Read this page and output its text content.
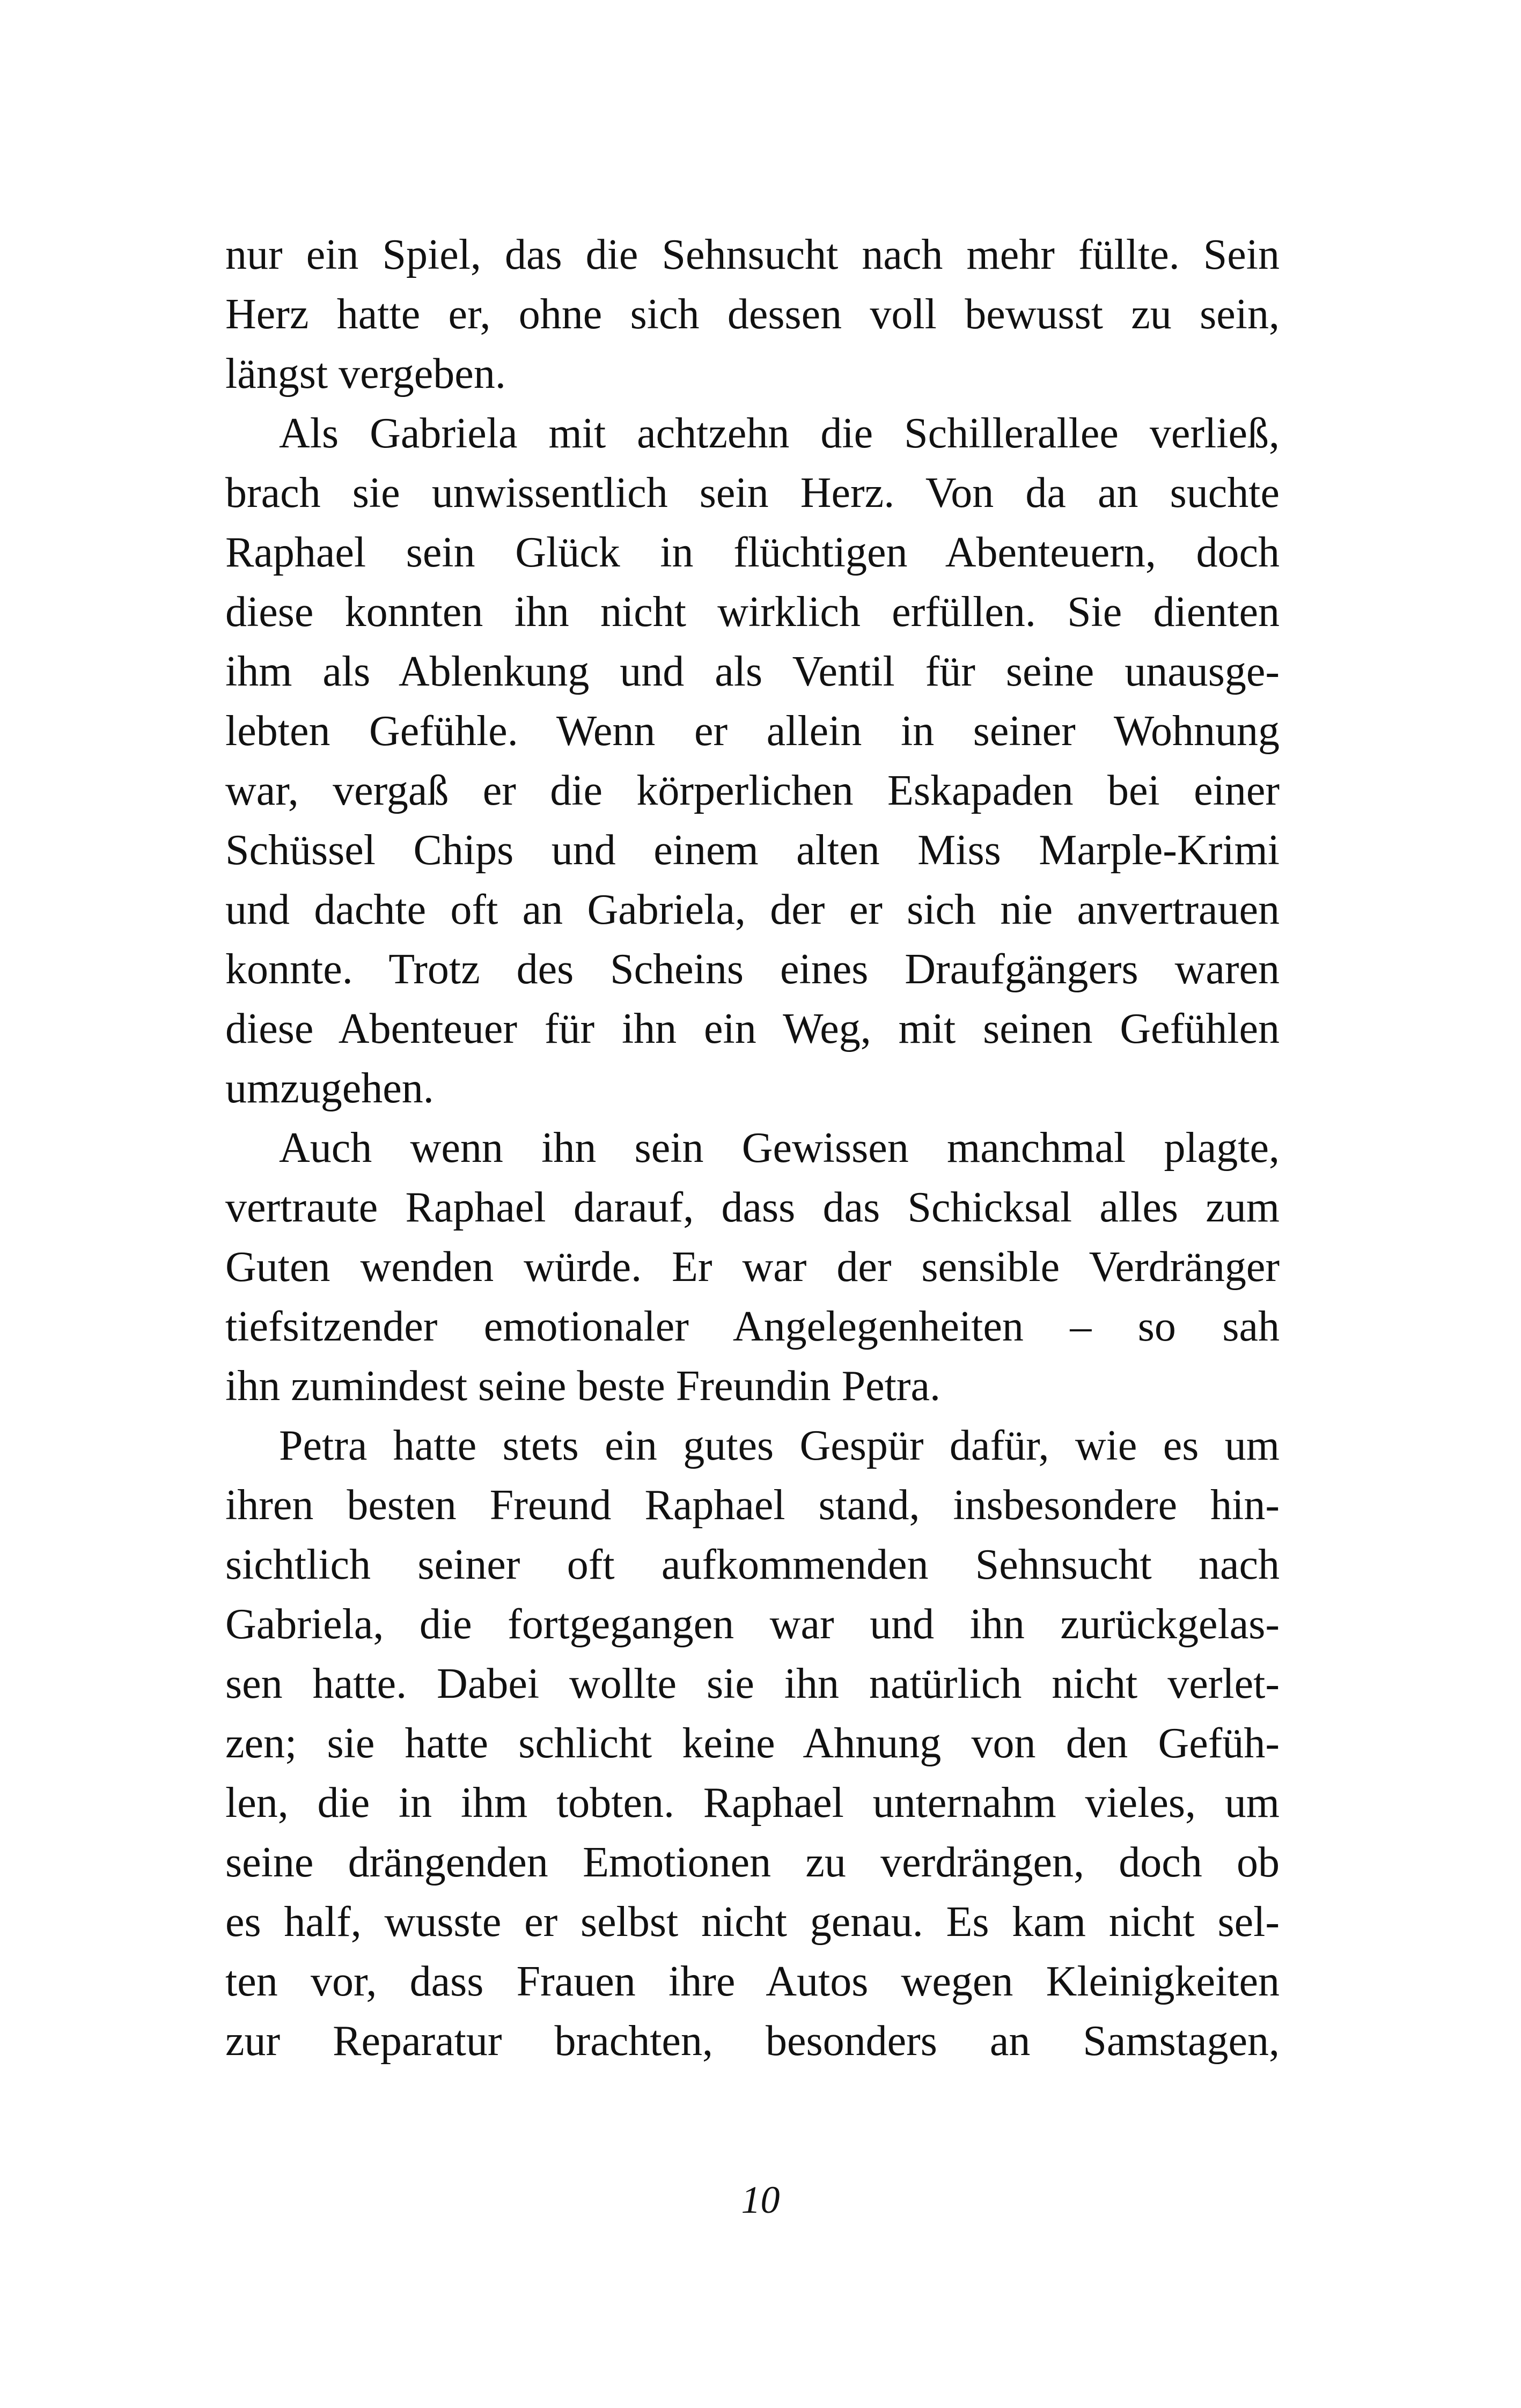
nur ein Spiel, das die Sehnsucht nach mehr füllte. Sein
Herz hatte er, ohne sich dessen voll bewusst zu sein,
längst vergeben.
Als Gabriela mit achtzehn die Schillerallee verließ,
brach sie unwissentlich sein Herz. Von da an suchte
Raphael sein Glück in flüchtigen Abenteuern, doch
diese konnten ihn nicht wirklich erfüllen. Sie dienten
ihm als Ablenkung und als Ventil für seine unausge-
lebten Gefühle. Wenn er allein in seiner Wohnung
war, vergaß er die körperlichen Eskapaden bei einer
Schüssel Chips und einem alten Miss Marple-Krimi
und dachte oft an Gabriela, der er sich nie anvertrauen
konnte. Trotz des Scheins eines Draufgängers waren
diese Abenteuer für ihn ein Weg, mit seinen Gefühlen
umzugehen.
Auch wenn ihn sein Gewissen manchmal plagte,
vertraute Raphael darauf, dass das Schicksal alles zum
Guten wenden würde. Er war der sensible Verdränger
tiefsitzender emotionaler Angelegenheiten – so sah
ihn zumindest seine beste Freundin Petra.
Petra hatte stets ein gutes Gespür dafür, wie es um
ihren besten Freund Raphael stand, insbesondere hin-
sichtlich seiner oft aufkommenden Sehnsucht nach
Gabriela, die fortgegangen war und ihn zurückgelas-
sen hatte. Dabei wollte sie ihn natürlich nicht verlet-
zen; sie hatte schlicht keine Ahnung von den Gefüh-
len, die in ihm tobten. Raphael unternahm vieles, um
seine drängenden Emotionen zu verdrängen, doch ob
es half, wusste er selbst nicht genau. Es kam nicht sel-
ten vor, dass Frauen ihre Autos wegen Kleinigkeiten
zur Reparatur brachten, besonders an Samstagen,
10
